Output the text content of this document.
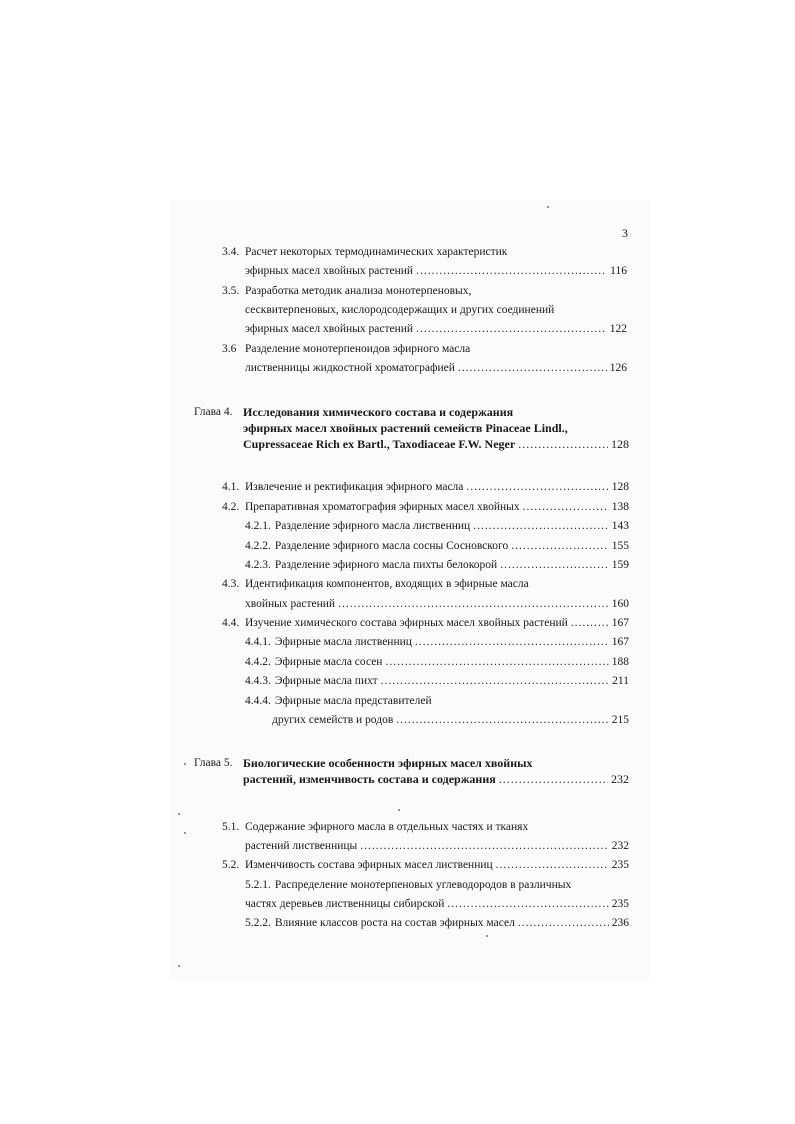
3
3.4. Расчет некоторых термодинамических характеристик
эфирных масел хвойных растений .....	116
3.5. Разработка методик анализа монотерпеновых,
сесквитерпеновых, кислородсодержащих и других соединений
эфирных масел хвойных растений .....	122
3.6 Разделение монотерпеноидов эфирного масла
лиственницы жидкостной хроматографией .....	126
Глава 4. Исследования химического состава и содержания
эфирных масел хвойных растений семейств Pinaceae Lindl.,
Cupressaceae Rich ex Bartl., Taxodiaceae F.W. Neger .....	128
4.1. Извлечение и ректификация эфирного масла .....	128
4.2. Препаративная хроматография эфирных масел хвойных .....	138
4.2.1. Разделение эфирного масла лиственниц .....	143
4.2.2. Разделение эфирного масла сосны Сосновского .....	155
4.2.3. Разделение эфирного масла пихты белокорой .....	159
4.3. Идентификация компонентов, входящих в эфирные масла
хвойных растений .....	160
4.4. Изучение химического состава эфирных масел хвойных растений .....	167
4.4.1. Эфирные масла лиственниц .....	167
4.4.2. Эфирные масла сосен .....	188
4.4.3. Эфирные масла пихт .....	211
4.4.4. Эфирные масла представителей
других семейств и родов .....	215
Глава 5. Биологические особенности эфирных масел хвойных
растений, изменчивость состава и содержания .....	232
5.1. Содержание эфирного масла в отдельных частях и тканях
растений лиственницы .....	232
5.2. Изменчивость состава эфирных масел лиственниц .....	235
5.2.1. Распределение монотерпеновых углеводородов в различных
частях деревьев лиственницы сибирской .....	235
5.2.2. Влияние классов роста на состав эфирных масел .....	236
